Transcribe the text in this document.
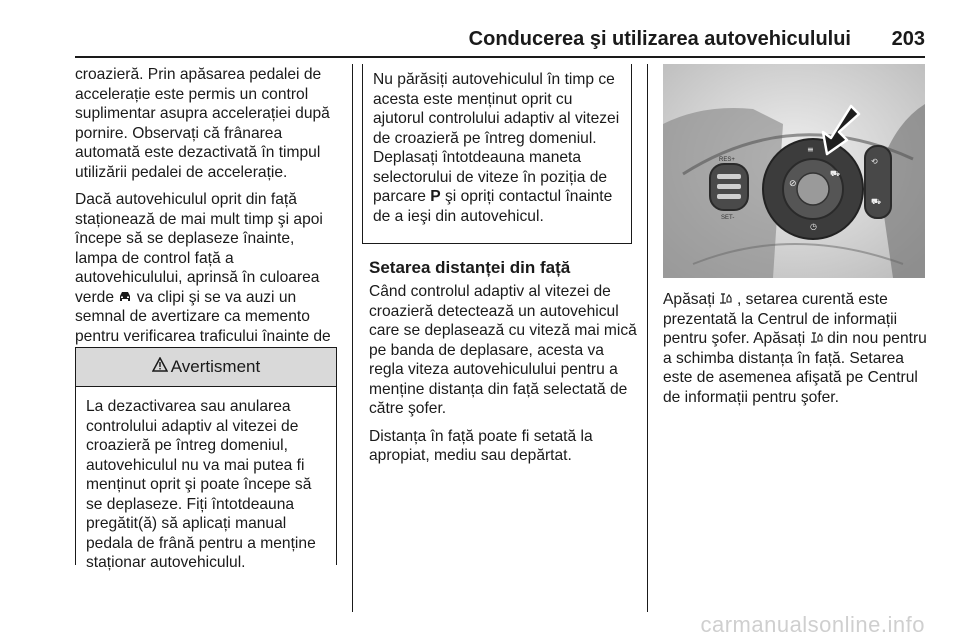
Conducerea şi utilizarea autovehiculului 203

croazieră. Prin apăsarea pedalei de accelerație este permis un control suplimentar asupra accelerației după pornire. Observați că frânarea automată este dezactivată în timpul utilizării pedalei de accelerație.

Dacă autovehiculul oprit din față staționează de mai mult timp şi apoi începe să se deplaseze înainte, lampa de control față a autovehiculului, aprinsă în culoarea verde va clipi şi se va auzi un semnal de avertizare ca memento pentru verificarea traficului înainte de

Avertisment
La dezactivarea sau anularea controlului adaptiv al vitezei de croazieră pe întreg domeniul, autovehiculul nu va mai putea fi menținut oprit şi poate începe să se deplaseze. Fiți întotdeauna pregătit(ă) să aplicați manual pedala de frână pentru a menține staționar autovehiculul.
Nu părăsiți autovehiculul în timp ce acesta este menținut oprit cu ajutorul controlului adaptiv al vitezei de croazieră pe întreg domeniul. Deplasați întotdeauna maneta selectorului de viteze în poziția de parcare P şi opriți contactul înainte de a ieşi din autovehicul.
Setarea distanței din față

Când controlul adaptiv al vitezei de croazieră detectează un autovehicul care se deplasează cu viteză mai mică pe banda de deplasare, acesta va regla viteza autovehiculului pentru a menține distanța din față selectată de către şofer.

Distanța în față poate fi setată la apropiat, mediu sau depărtat.

RES+
SET-
⊘
⛟
◷
≡
⟲
⛟

Apăsați , setarea curentă este prezentată la Centrul de informații pentru şofer. Apăsați din nou pentru a schimba distanța în față. Setarea este de asemenea afişată pe Centrul de informații pentru şofer.

carmanualsonline.info
